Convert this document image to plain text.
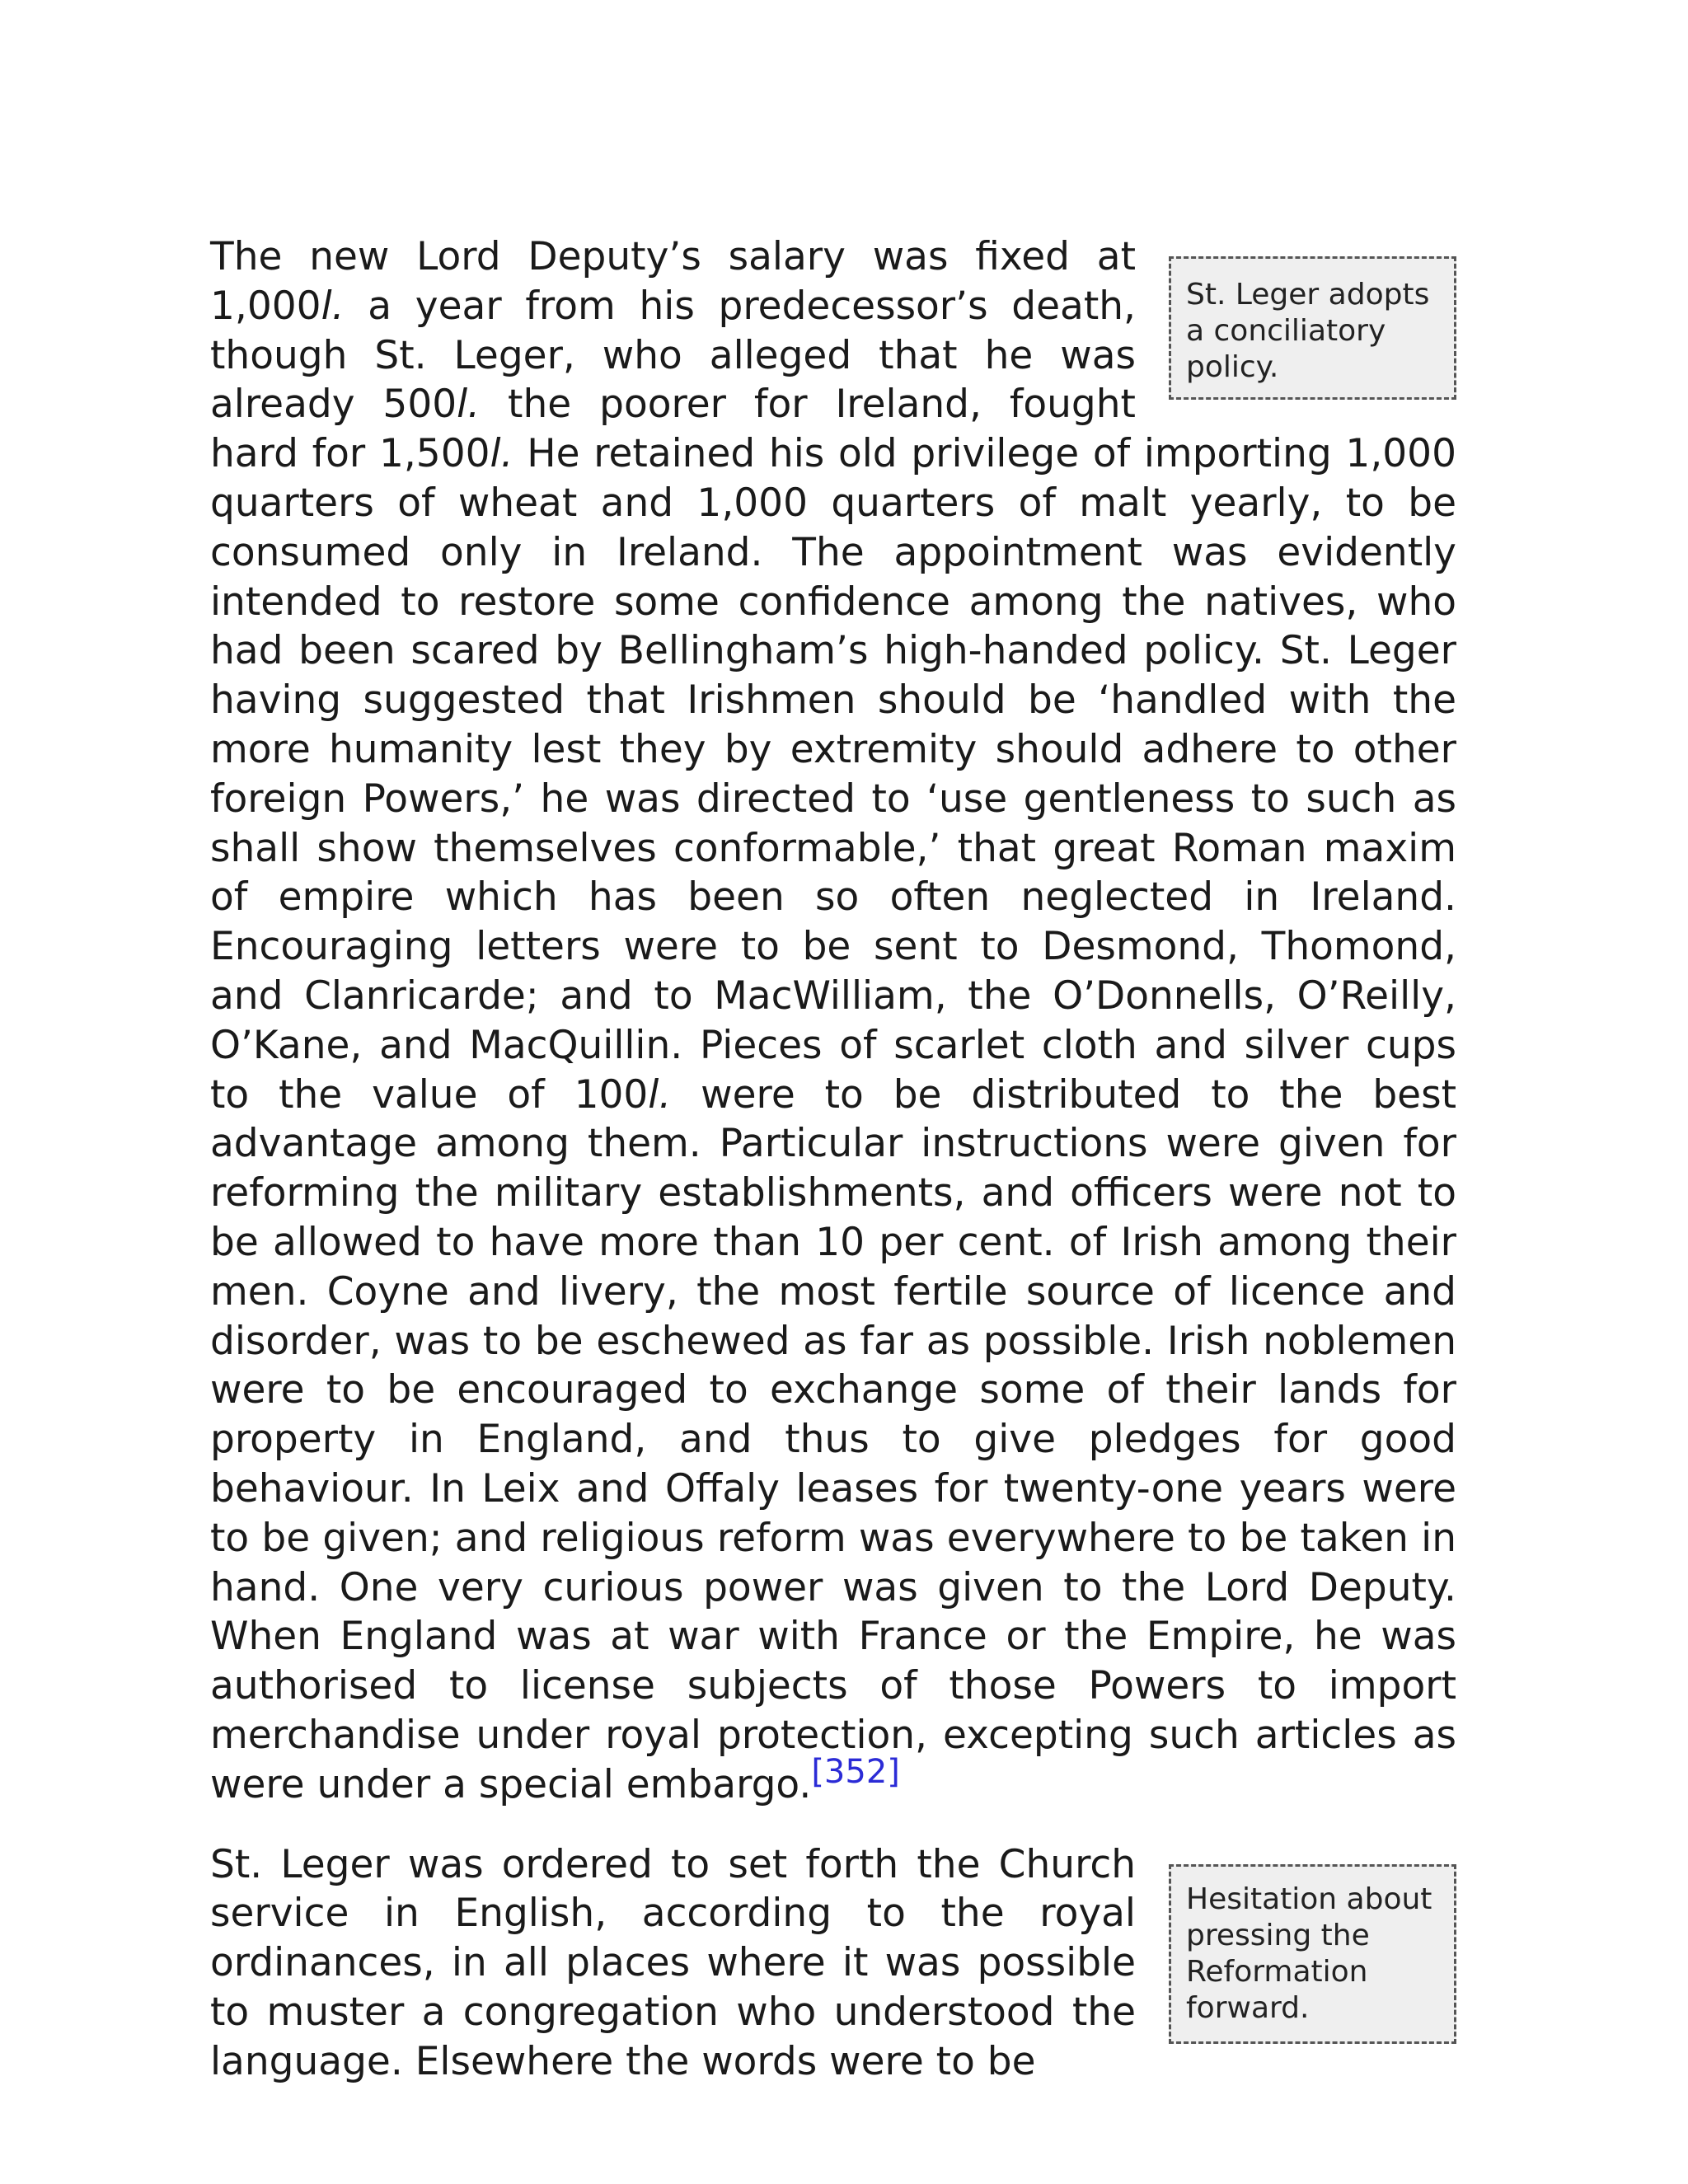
St. Leger adopts a conciliatory policy.
The new Lord Deputy’s salary was fixed at 1,000l. a year from his predecessor’s death, though St. Leger, who alleged that he was already 500l. the poorer for Ireland, fought hard for 1,500l. He retained his old privilege of importing 1,000 quarters of wheat and 1,000 quarters of malt yearly, to be consumed only in Ireland. The appointment was evidently intended to restore some confidence among the natives, who had been scared by Bellingham’s high-handed policy. St. Leger having suggested that Irishmen should be ‘handled with the more humanity lest they by extremity should adhere to other foreign Powers,’ he was directed to ‘use gentleness to such as shall show themselves conformable,’ that great Roman maxim of empire which has been so often neglected in Ireland. Encouraging letters were to be sent to Desmond, Thomond, and Clanricarde; and to MacWilliam, the O’Donnells, O’Reilly, O’Kane, and MacQuillin. Pieces of scarlet cloth and silver cups to the value of 100l. were to be distributed to the best advantage among them. Particular instructions were given for reforming the military establishments, and officers were not to be allowed to have more than 10 per cent. of Irish among their men. Coyne and livery, the most fertile source of licence and disorder, was to be eschewed as far as possible. Irish noblemen were to be encouraged to exchange some of their lands for property in England, and thus to give pledges for good behaviour. In Leix and Offaly leases for twenty-one years were to be given; and religious reform was everywhere to be taken in hand. One very curious power was given to the Lord Deputy. When England was at war with France or the Empire, he was authorised to license subjects of those Powers to import merchandise under royal protection, excepting such articles as were under a special embargo.[352]

Hesitation about pressing the Reformation forward.
St. Leger was ordered to set forth the Church service in English, according to the royal ordinances, in all places where it was possible to muster a congregation who understood the language. Elsewhere the words were to be
